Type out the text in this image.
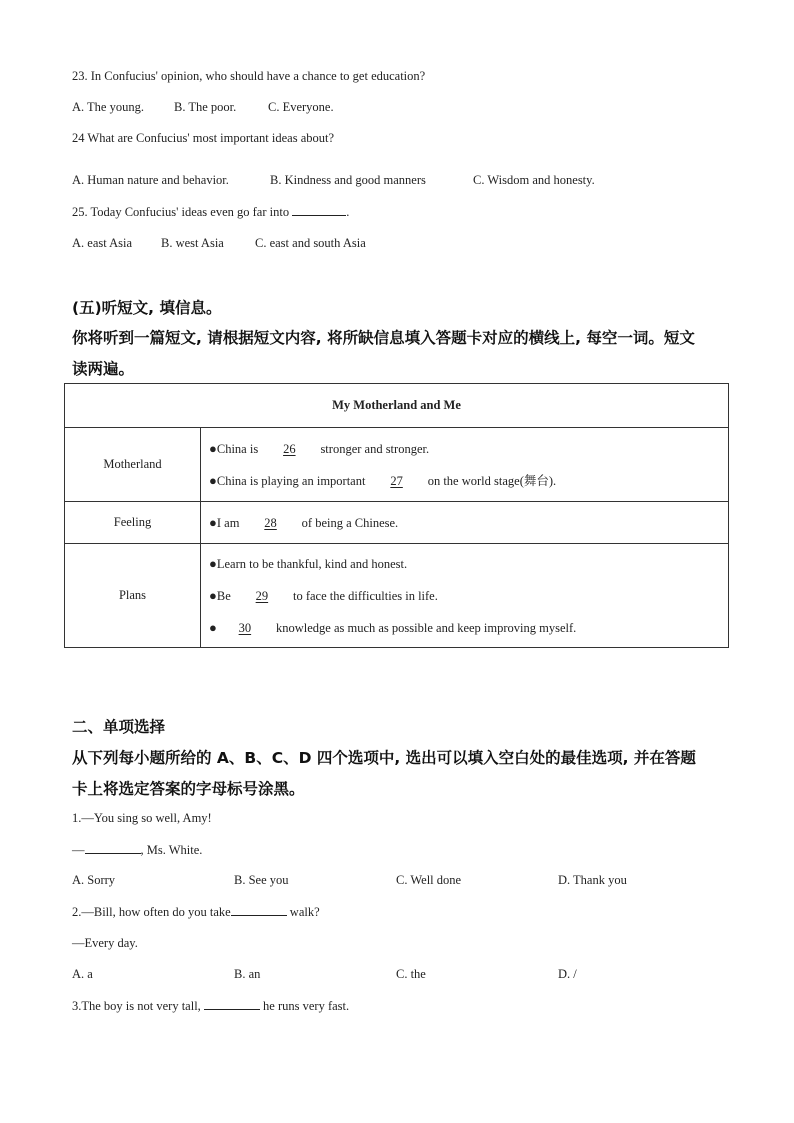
23. In Confucius' opinion, who should have a chance to get education?
A. The young. B. The poor.	C. Everyone.
24 What are Confucius' most important ideas about?
A. Human nature and behavior.	B. Kindness and good manners	C. Wisdom and honesty.
25. Today Confucius' ideas even go far into	.
A. east Asia B. west Asia C. east and south Asia
(五)听短文, 填信息。
你将听到一篇短文, 请根据短文内容, 将所缺信息填入答题卡对应的横线上, 每空一词。短文
读两遍。
My Motherland and Me	
Motherland	●China is 26 stronger and stronger.
●China is playing an important 27 on the world stage(舞台).

Feeling	●I am 28 of being a Chinese.

Plans	●Learn to be thankful, kind and honest.
●Be 29 to face the difficulties in life.
● 30 knowledge as much as possible and keep improving myself.
二、单项选择
从下列每小题所给的 A、B、C、D 四个选项中, 选出可以填入空白处的最佳选项, 并在答题
卡上将选定答案的字母标号涂黑。
1.—You sing so well, Amy!
—	, Ms. White.
A. Sorry	B. See you	C. Well done	D. Thank you
2.—Bill, how often do you take	walk?
—Every day.
A. a	B. an	C. the	D. /
3.The boy is not very tall,	he runs very fast.
